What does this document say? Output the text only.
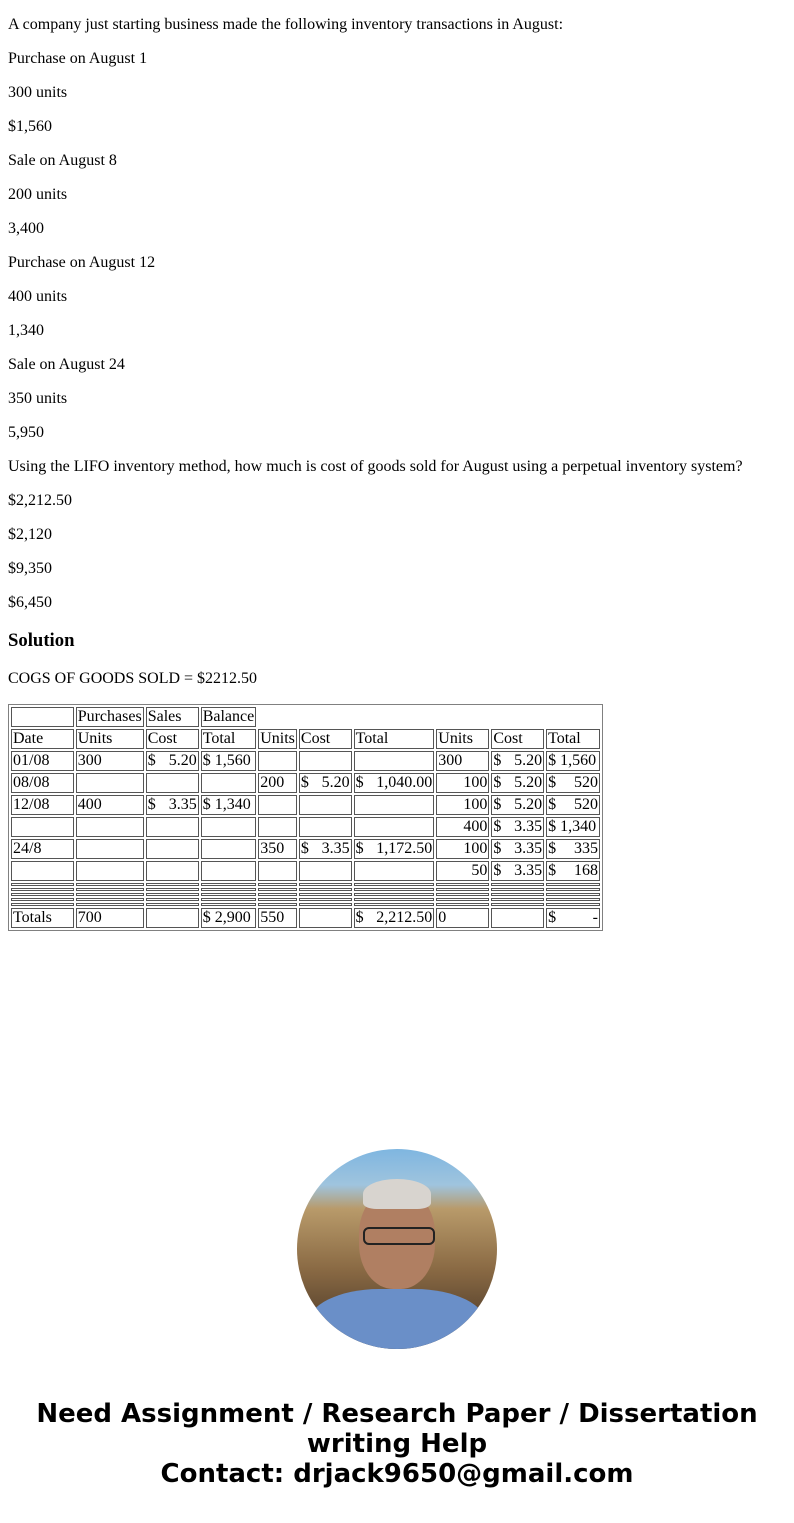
A company just starting business made the following inventory transactions in August:

Purchase on August 1

300 units

$1,560

Sale on August 8

200 units

3,400

Purchase on August 12

400 units

1,340

Sale on August 24

350 units

5,950

Using the LIFO inventory method, how much is cost of goods sold for August using a perpetual inventory system?

$2,212.50

$2,120

$9,350

$6,450

Solution

COGS OF GOODS SOLD = $2212.50

	Purchases	Sales	Balance						
Date	Units	Cost	Total	Units	Cost	Total	Units	Cost	Total
01/08	300	$ 5.20	$ 1,560				300	$ 5.20	$ 1,560
08/08				200	$ 5.20	$ 1,040.00	100	$ 5.20	$ 520
12/08	400	$ 3.35	$ 1,340				100	$ 5.20	$ 520
							400	$ 3.35	$ 1,340
24/8				350	$ 3.35	$ 1,172.50	100	$ 3.35	$ 335
							50	$ 3.35	$ 168

Totals	700		$ 2,900	550		$ 2,212.50	0		$ -
Need Assignment / Research Paper / Dissertation writing Help
Contact: drjack9650@gmail.com
